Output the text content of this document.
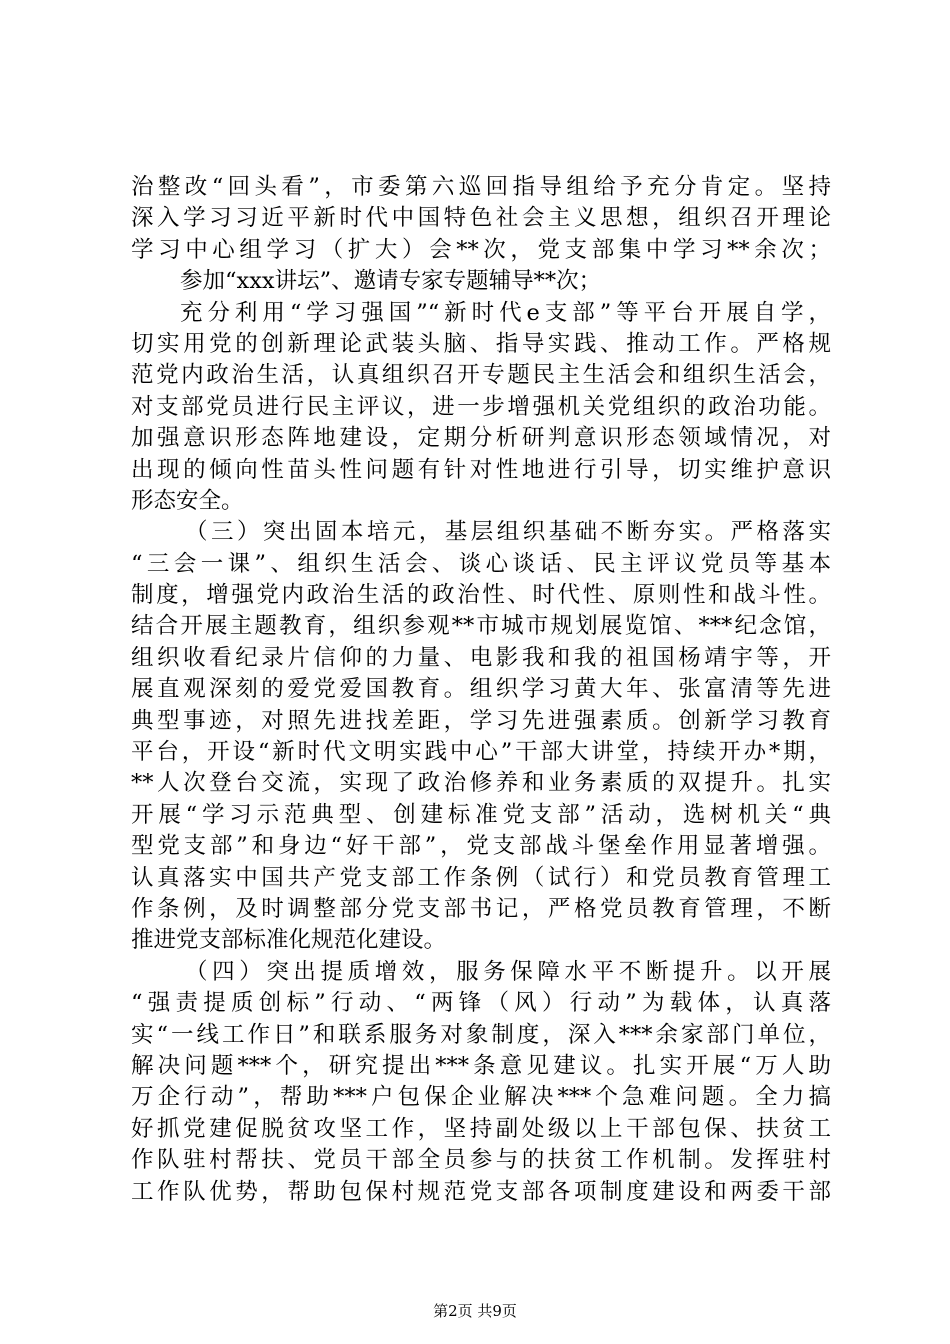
治整改“回头看”，市委第六巡回指导组给予充分肯定。坚持
深入学习习近平新时代中国特色社会主义思想，组织召开理论
学习中心组学习（扩大）会**次，党支部集中学习**余次；
参加“xxx讲坛”、邀请专家专题辅导**次；
充分利用“学习强国”“新时代e支部”等平台开展自学，
切实用党的创新理论武装头脑、指导实践、推动工作。严格规
范党内政治生活，认真组织召开专题民主生活会和组织生活会，
对支部党员进行民主评议，进一步增强机关党组织的政治功能。
加强意识形态阵地建设，定期分析研判意识形态领域情况，对
出现的倾向性苗头性问题有针对性地进行引导，切实维护意识
形态安全。
（三）突出固本培元，基层组织基础不断夯实。严格落实
“三会一课”、组织生活会、谈心谈话、民主评议党员等基本
制度，增强党内政治生活的政治性、时代性、原则性和战斗性。
结合开展主题教育，组织参观**市城市规划展览馆、***纪念馆，
组织收看纪录片信仰的力量、电影我和我的祖国杨靖宇等，开
展直观深刻的爱党爱国教育。组织学习黄大年、张富清等先进
典型事迹，对照先进找差距，学习先进强素质。创新学习教育
平台，开设“新时代文明实践中心”干部大讲堂，持续开办*期，
**人次登台交流，实现了政治修养和业务素质的双提升。扎实
开展“学习示范典型、创建标准党支部”活动，选树机关“典
型党支部”和身边“好干部”，党支部战斗堡垒作用显著增强。
认真落实中国共产党支部工作条例（试行）和党员教育管理工
作条例，及时调整部分党支部书记，严格党员教育管理，不断
推进党支部标准化规范化建设。
（四）突出提质增效，服务保障水平不断提升。以开展
“强责提质创标”行动、“两锋（风）行动”为载体，认真落
实“一线工作日”和联系服务对象制度，深入***余家部门单位，
解决问题***个，研究提出***条意见建议。扎实开展“万人助
万企行动”，帮助***户包保企业解决***个急难问题。全力搞
好抓党建促脱贫攻坚工作，坚持副处级以上干部包保、扶贫工
作队驻村帮扶、党员干部全员参与的扶贫工作机制。发挥驻村
工作队优势，帮助包保村规范党支部各项制度建设和两委干部
第2页 共9页
